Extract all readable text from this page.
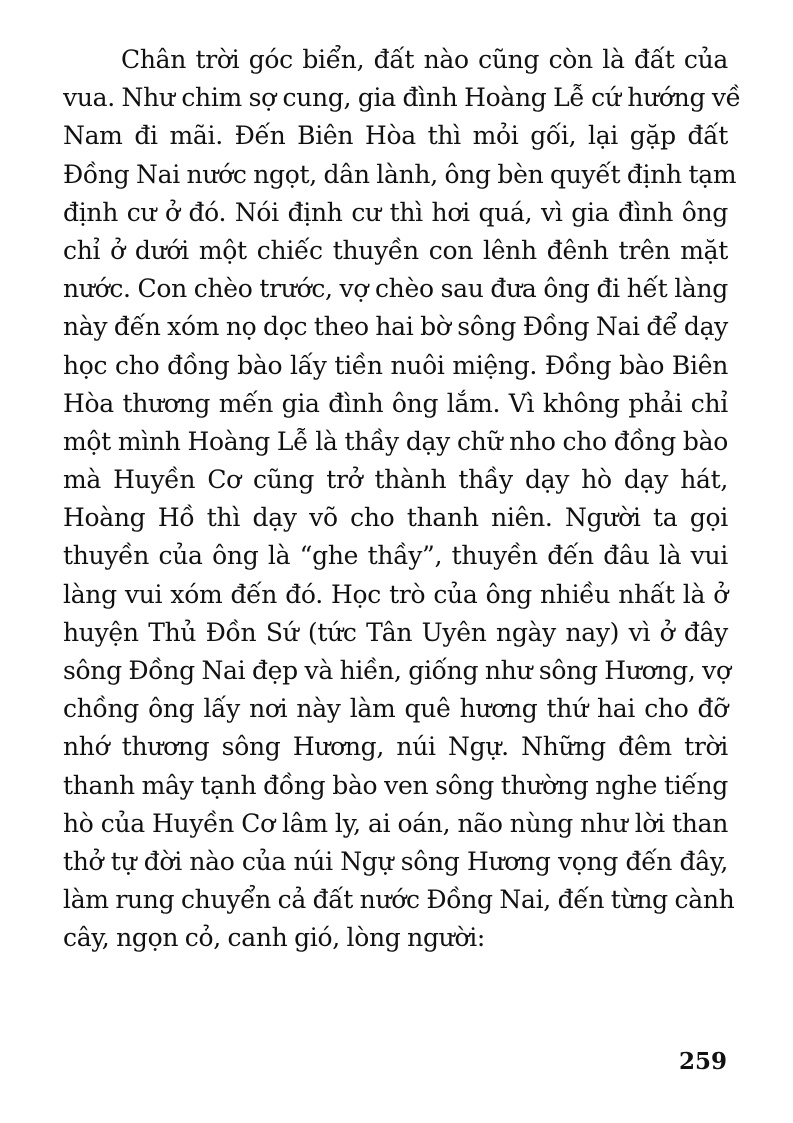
Chân trời góc biển, đất nào cũng còn là đất của
vua. Như chim sợ cung, gia đình Hoàng Lễ cứ hướng về
Nam đi mãi. Đến Biên Hòa thì mỏi gối, lại gặp đất
Đồng Nai nước ngọt, dân lành, ông bèn quyết định tạm
định cư ở đó. Nói định cư thì hơi quá, vì gia đình ông
chỉ ở dưới một chiếc thuyền con lênh đênh trên mặt
nước. Con chèo trước, vợ chèo sau đưa ông đi hết làng
này đến xóm nọ dọc theo hai bờ sông Đồng Nai để dạy
học cho đồng bào lấy tiền nuôi miệng. Đồng bào Biên
Hòa thương mến gia đình ông lắm. Vì không phải chỉ
một mình Hoàng Lễ là thầy dạy chữ nho cho đồng bào
mà Huyền Cơ cũng trở thành thầy dạy hò dạy hát,
Hoàng Hồ thì dạy võ cho thanh niên. Người ta gọi
thuyền của ông là “ghe thầy”, thuyền đến đâu là vui
làng vui xóm đến đó. Học trò của ông nhiều nhất là ở
huyện Thủ Đồn Sứ (tức Tân Uyên ngày nay) vì ở đây
sông Đồng Nai đẹp và hiền, giống như sông Hương, vợ
chồng ông lấy nơi này làm quê hương thứ hai cho đỡ
nhớ thương sông Hương, núi Ngự. Những đêm trời
thanh mây tạnh đồng bào ven sông thường nghe tiếng
hò của Huyền Cơ lâm ly, ai oán, não nùng như lời than
thở tự đời nào của núi Ngự sông Hương vọng đến đây,
làm rung chuyển cả đất nước Đồng Nai, đến từng cành
cây, ngọn cỏ, canh gió, lòng người:
259
